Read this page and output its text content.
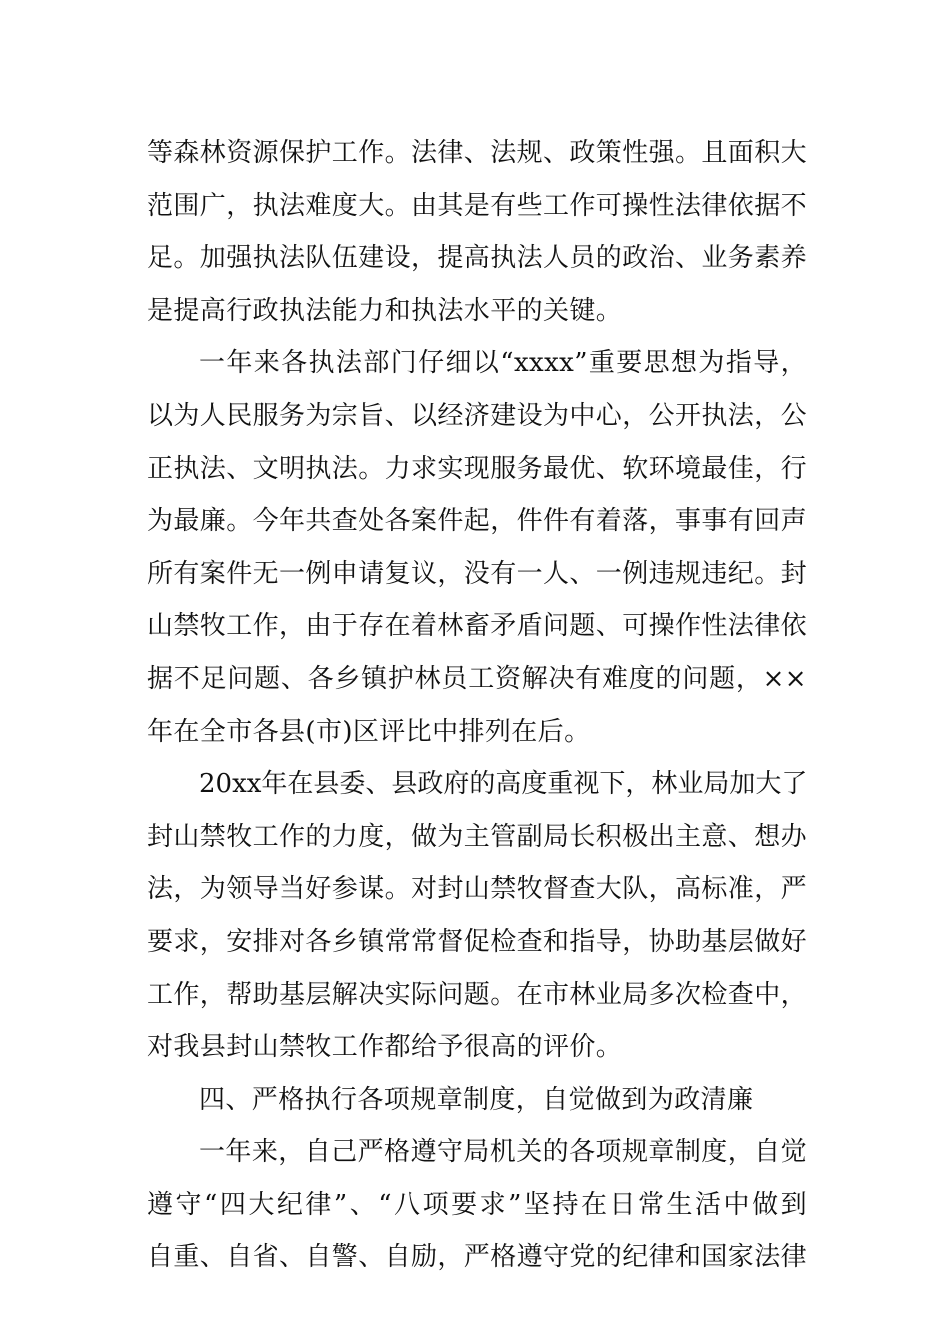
等森林资源保护工作。法律、法规、政策性强。且面积大
范围广，执法难度大。由其是有些工作可操性法律依据不
足。加强执法队伍建设，提高执法人员的政治、业务素养
是提高行政执法能力和执法水平的关键。
一年来各执法部门仔细以“xxxx”重要思想为指导，
以为人民服务为宗旨、以经济建设为中心，公开执法，公
正执法、文明执法。力求实现服务最优、软环境最佳，行
为最廉。今年共查处各案件起，件件有着落，事事有回声
所有案件无一例申请复议，没有一人、一例违规违纪。封
山禁牧工作，由于存在着林畜矛盾问题、可操作性法律依
据不足问题、各乡镇护林员工资解决有难度的问题，××
年在全市各县(市)区评比中排列在后。
20xx年在县委、县政府的高度重视下，林业局加大了
封山禁牧工作的力度，做为主管副局长积极出主意、想办
法，为领导当好参谋。对封山禁牧督查大队，高标准，严
要求，安排对各乡镇常常督促检查和指导，协助基层做好
工作，帮助基层解决实际问题。在市林业局多次检查中，
对我县封山禁牧工作都给予很高的评价。
四、严格执行各项规章制度，自觉做到为政清廉
一年来，自己严格遵守局机关的各项规章制度，自觉
遵守“四大纪律”、“八项要求”坚持在日常生活中做到
自重、自省、自警、自励，严格遵守党的纪律和国家法律
